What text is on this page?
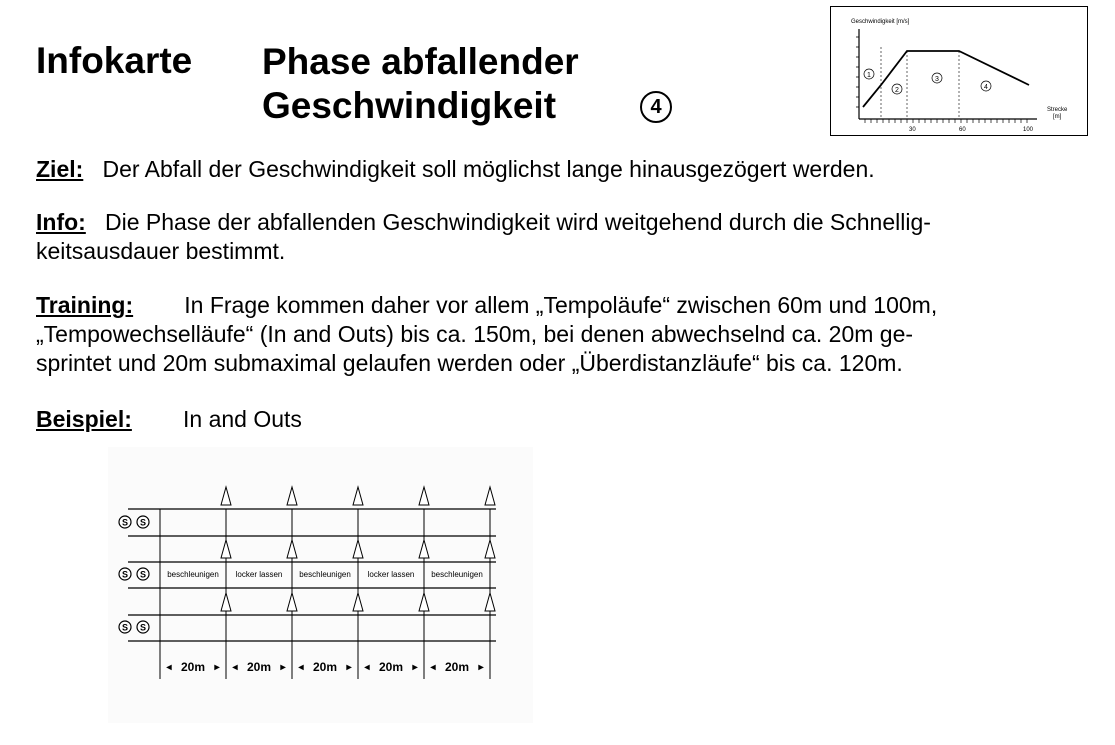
Infokarte Phase abfallender
Geschwindigkeit	4
Geschwindigkeit [m/s]
30	60	100
Strecke
[m]
1
2
3
4
Ziel: Der Abfall der Geschwindigkeit soll möglichst lange hinausgezögert werden.
Info: Die Phase der abfallenden Geschwindigkeit wird weitgehend durch die Schnellig-
keitsausdauer bestimmt.
Training: In Frage kommen daher vor allem „Tempoläufe“ zwischen 60m und 100m,
„Tempowechselläufe“ (In and Outs) bis ca. 150m, bei denen abwechselnd ca. 20m ge-
sprintet und 20m submaximal gelaufen werden oder „Überdistanzläufe“ bis ca. 120m.
Beispiel: In and Outs
S S
S S
S S
beschleunigen locker lassen beschleunigen locker lassen beschleunigen
20m	20m	20m	20m	20m
◂	▸ ◂	▸ ◂	▸ ◂	▸ ◂	▸
